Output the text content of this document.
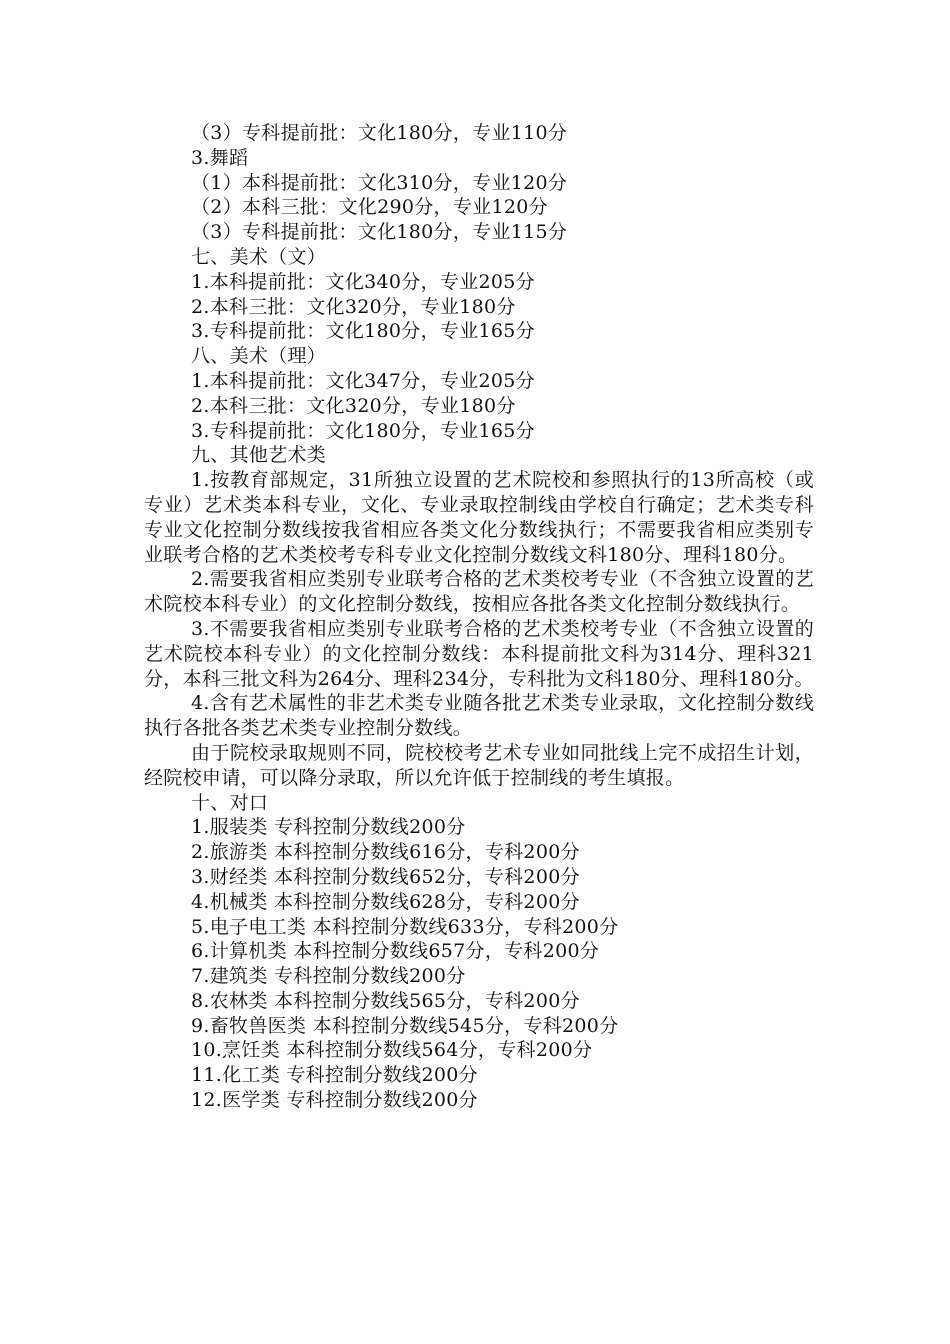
（3）专科提前批：文化180分，专业110分
3.舞蹈
（1）本科提前批：文化310分，专业120分
（2）本科三批：文化290分，专业120分
（3）专科提前批：文化180分，专业115分
七、美术（文）
1.本科提前批：文化340分，专业205分
2.本科三批：文化320分，专业180分
3.专科提前批：文化180分，专业165分
八、美术（理）
1.本科提前批：文化347分，专业205分
2.本科三批：文化320分，专业180分
3.专科提前批：文化180分，专业165分
九、其他艺术类

1.按教育部规定，31所独立设置的艺术院校和参照执行的13所高校（或专业）艺术类本科专业，文化、专业录取控制线由学校自行确定；艺术类专科专业文化控制分数线按我省相应各类文化分数线执行；不需要我省相应类别专业联考合格的艺术类校考专科专业文化控制分数线文科180分、理科180分。

2.需要我省相应类别专业联考合格的艺术类校考专业（不含独立设置的艺术院校本科专业）的文化控制分数线，按相应各批各类文化控制分数线执行。

3.不需要我省相应类别专业联考合格的艺术类校考专业（不含独立设置的艺术院校本科专业）的文化控制分数线：本科提前批文科为314分、理科321分，本科三批文科为264分、理科234分，专科批为文科180分、理科180分。

4.含有艺术属性的非艺术类专业随各批艺术类专业录取，文化控制分数线执行各批各类艺术类专业控制分数线。

由于院校录取规则不同，院校校考艺术专业如同批线上完不成招生计划，经院校申请，可以降分录取，所以允许低于控制线的考生填报。

十、对口
1.服装类 专科控制分数线200分
2.旅游类 本科控制分数线616分，专科200分
3.财经类 本科控制分数线652分，专科200分
4.机械类 本科控制分数线628分，专科200分
5.电子电工类 本科控制分数线633分，专科200分
6.计算机类 本科控制分数线657分，专科200分
7.建筑类 专科控制分数线200分
8.农林类 本科控制分数线565分，专科200分
9.畜牧兽医类 本科控制分数线545分，专科200分
10.烹饪类 本科控制分数线564分，专科200分
11.化工类 专科控制分数线200分
12.医学类 专科控制分数线200分
